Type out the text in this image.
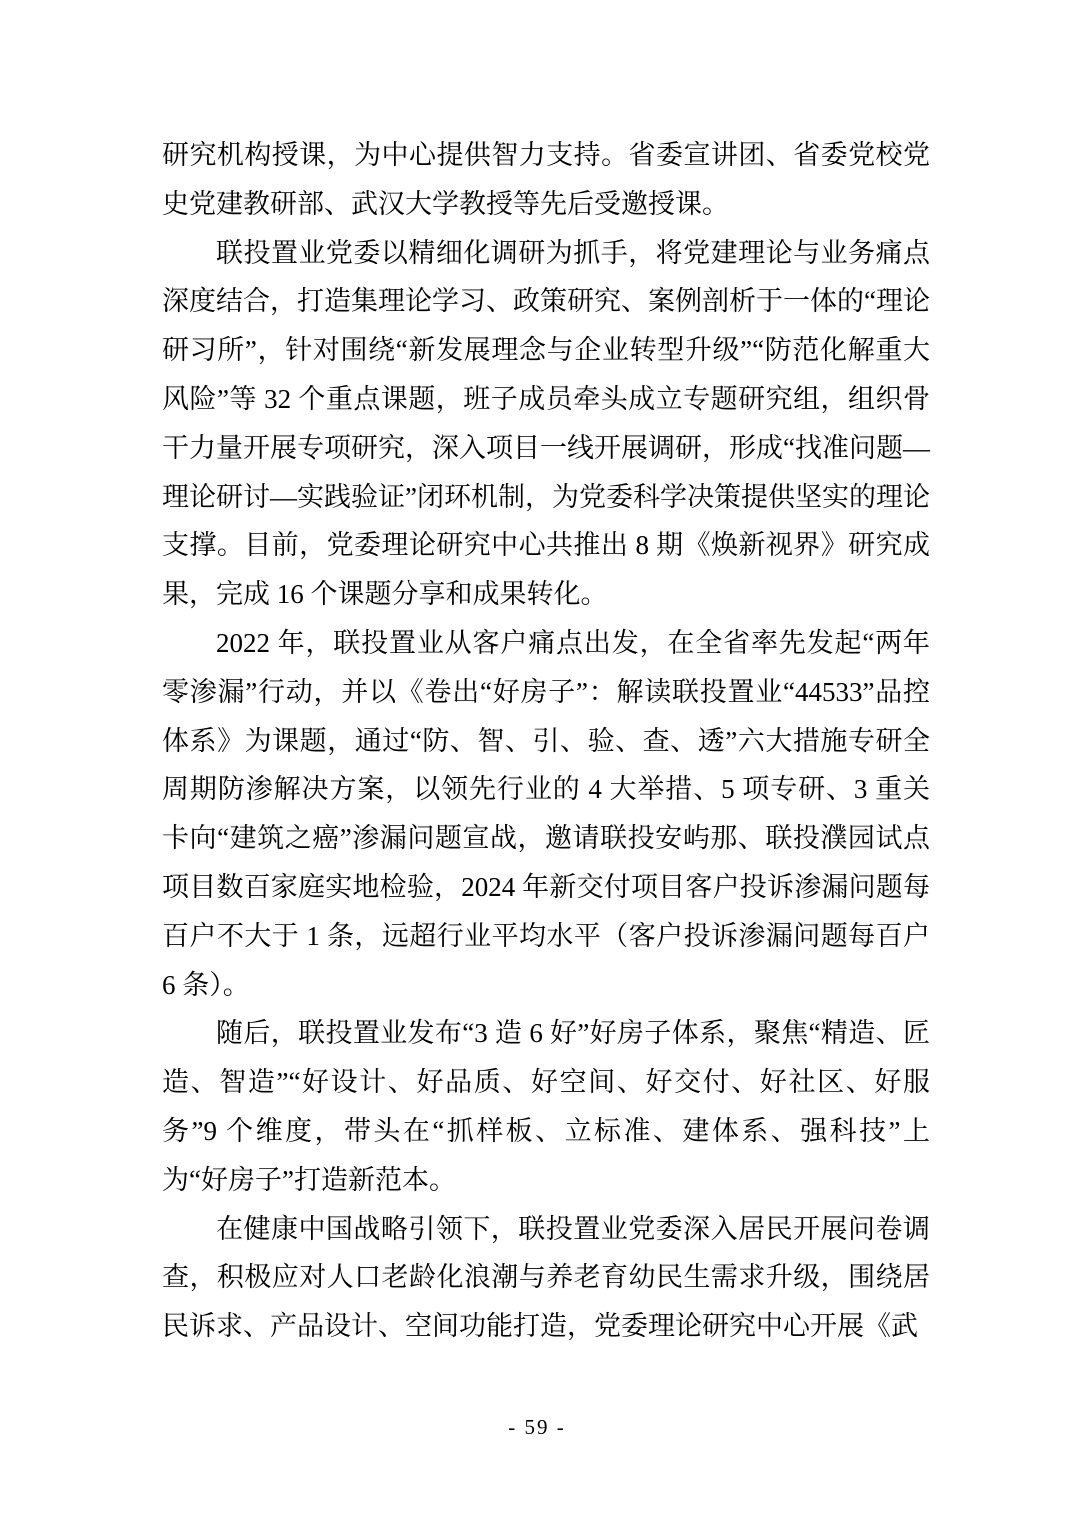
研究机构授课，为中心提供智力支持。省委宣讲团、省委党校党史党建教研部、武汉大学教授等先后受邀授课。

联投置业党委以精细化调研为抓手，将党建理论与业务痛点深度结合，打造集理论学习、政策研究、案例剖析于一体的“理论研习所”，针对围绕“新发展理念与企业转型升级”“防范化解重大风险”等 32 个重点课题，班子成员牵头成立专题研究组，组织骨干力量开展专项研究，深入项目一线开展调研，形成“找准问题—理论研讨—实践验证”闭环机制，为党委科学决策提供坚实的理论支撑。目前，党委理论研究中心共推出 8 期《焕新视界》研究成果，完成 16 个课题分享和成果转化。

2022 年，联投置业从客户痛点出发，在全省率先发起“两年零渗漏”行动，并以《卷出“好房子”：解读联投置业“44533”品控体系》为课题，通过“防、智、引、验、查、透”六大措施专研全周期防渗解决方案，以领先行业的 4 大举措、5 项专研、3 重关卡向“建筑之癌”渗漏问题宣战，邀请联投安屿那、联投濮园试点项目数百家庭实地检验，2024 年新交付项目客户投诉渗漏问题每百户不大于 1 条，远超行业平均水平（客户投诉渗漏问题每百户 6 条）。

随后，联投置业发布“3 造 6 好”好房子体系，聚焦“精造、匠造、智造”“好设计、好品质、好空间、好交付、好社区、好服务”9 个维度，带头在“抓样板、立标准、建体系、强科技”上为“好房子”打造新范本。

在健康中国战略引领下，联投置业党委深入居民开展问卷调查，积极应对人口老龄化浪潮与养老育幼民生需求升级，围绕居民诉求、产品设计、空间功能打造，党委理论研究中心开展《武

- 59 -
